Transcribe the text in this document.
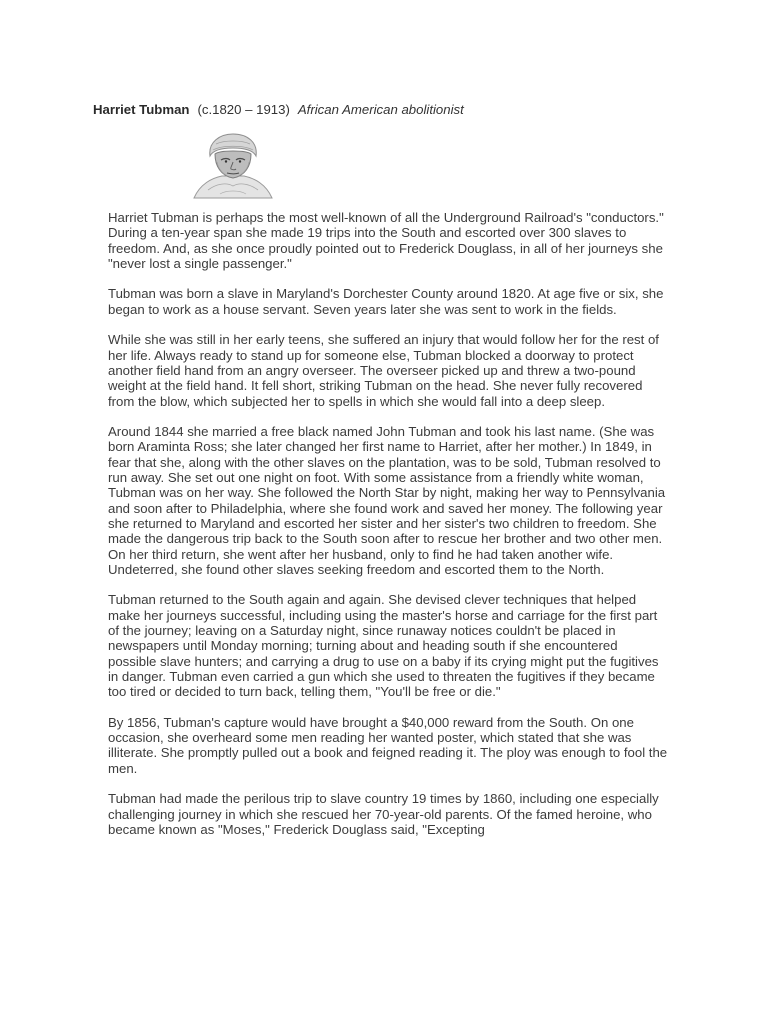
Harriet Tubman (c.1820 – 1913) African American abolitionist

Harriet Tubman is perhaps the most well-known of all the Underground Railroad's "conductors." During a ten-year span she made 19 trips into the South and escorted over 300 slaves to freedom. And, as she once proudly pointed out to Frederick Douglass, in all of her journeys she "never lost a single passenger."

Tubman was born a slave in Maryland's Dorchester County around 1820. At age five or six, she began to work as a house servant. Seven years later she was sent to work in the fields.

While she was still in her early teens, she suffered an injury that would follow her for the rest of her life. Always ready to stand up for someone else, Tubman blocked a doorway to protect another field hand from an angry overseer. The overseer picked up and threw a two-pound weight at the field hand. It fell short, striking Tubman on the head. She never fully recovered from the blow, which subjected her to spells in which she would fall into a deep sleep.

Around 1844 she married a free black named John Tubman and took his last name. (She was born Araminta Ross; she later changed her first name to Harriet, after her mother.) In 1849, in fear that she, along with the other slaves on the plantation, was to be sold, Tubman resolved to run away. She set out one night on foot. With some assistance from a friendly white woman, Tubman was on her way. She followed the North Star by night, making her way to Pennsylvania and soon after to Philadelphia, where she found work and saved her money. The following year she returned to Maryland and escorted her sister and her sister's two children to freedom. She made the dangerous trip back to the South soon after to rescue her brother and two other men. On her third return, she went after her husband, only to find he had taken another wife. Undeterred, she found other slaves seeking freedom and escorted them to the North.

Tubman returned to the South again and again. She devised clever techniques that helped make her journeys successful, including using the master's horse and carriage for the first part of the journey; leaving on a Saturday night, since runaway notices couldn't be placed in newspapers until Monday morning; turning about and heading south if she encountered possible slave hunters; and carrying a drug to use on a baby if its crying might put the fugitives in danger. Tubman even carried a gun which she used to threaten the fugitives if they became too tired or decided to turn back, telling them, "You'll be free or die."

By 1856, Tubman's capture would have brought a $40,000 reward from the South. On one occasion, she overheard some men reading her wanted poster, which stated that she was illiterate. She promptly pulled out a book and feigned reading it. The ploy was enough to fool the men.

Tubman had made the perilous trip to slave country 19 times by 1860, including one especially challenging journey in which she rescued her 70-year-old parents. Of the famed heroine, who became known as "Moses," Frederick Douglass said, "Excepting
